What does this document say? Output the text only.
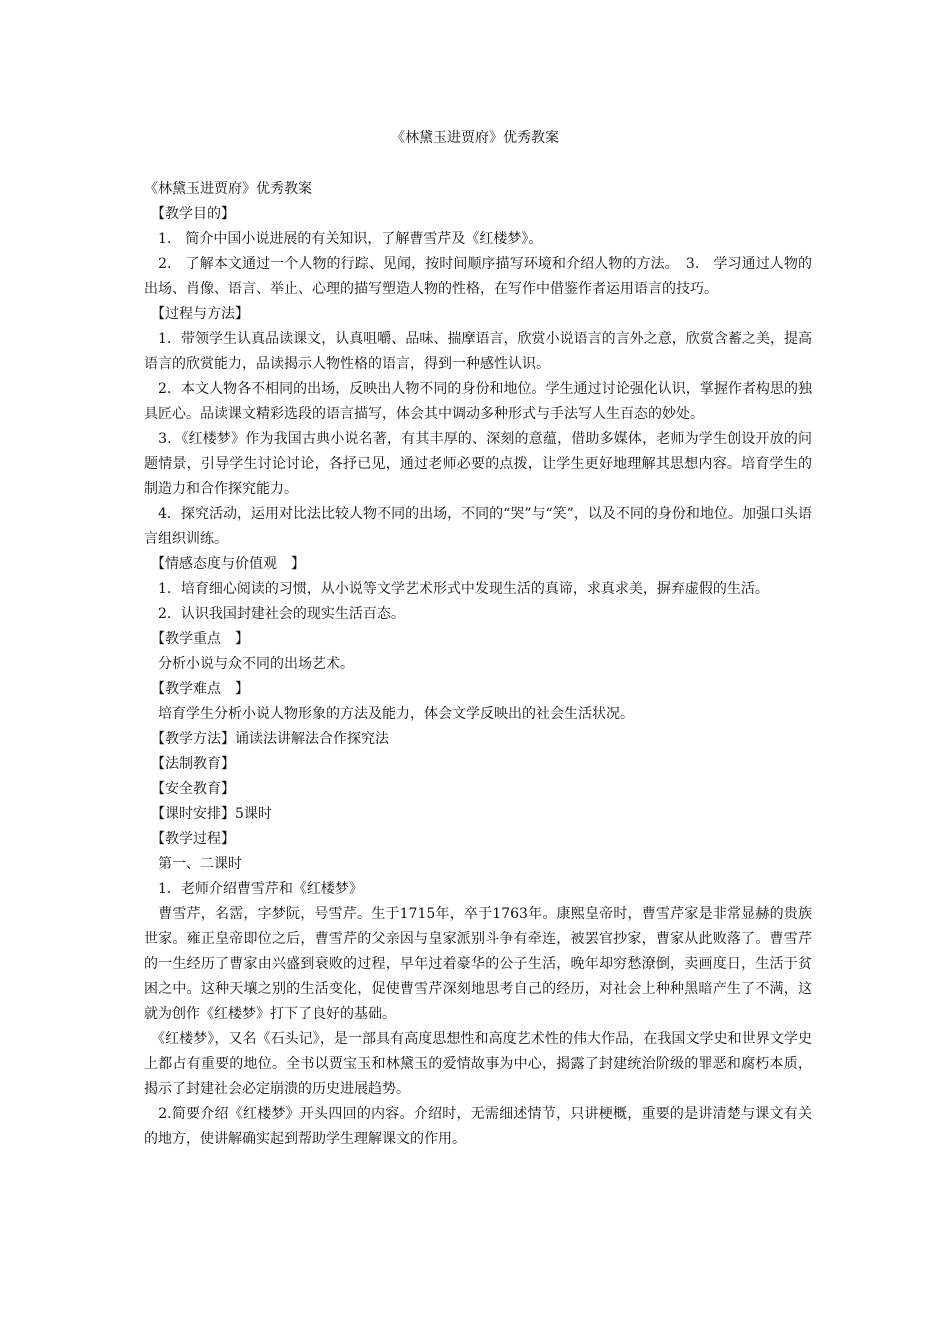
《林黛玉进贾府》优秀教案

《林黛玉进贾府》优秀教案

　【教学目的】

　1.　简介中国小说进展的有关知识，了解曹雪芹及《红楼梦》。

　2.　了解本文通过一个人物的行踪、见闻，按时间顺序描写环境和介绍人物的方法。　3.　学习通过人物的出场、肖像、语言、举止、心理的描写塑造人物的性格，在写作中借鉴作者运用语言的技巧。

　【过程与方法】

　1．带领学生认真品读课文，认真咀嚼、品味、揣摩语言，欣赏小说语言的言外之意，欣赏含蓄之美，提高语言的欣赏能力，品读揭示人物性格的语言，得到一种感性认识。

　2．本文人物各不相同的出场，反映出人物不同的身份和地位。学生通过讨论强化认识，掌握作者构思的独具匠心。品读课文精彩选段的语言描写，体会其中调动多种形式与手法写人生百态的妙处。

　3．《红楼梦》作为我国古典小说名著，有其丰厚的、深刻的意蕴，借助多媒体，老师为学生创设开放的问题情景，引导学生讨论讨论，各抒已见，通过老师必要的点拨，让学生更好地理解其思想内容。培育学生的制造力和合作探究能力。

　4．探究活动，运用对比法比较人物不同的出场，不同的“哭”与“笑”，以及不同的身份和地位。加强口头语言组织训练。

　【情感态度与价值观　】

　1．培育细心阅读的习惯，从小说等文学艺术形式中发现生活的真谛，求真求美，摒弃虚假的生活。

　2．认识我国封建社会的现实生活百态。

　【教学重点　】

　分析小说与众不同的出场艺术。

　【教学难点　】

　培育学生分析小说人物形象的方法及能力，体会文学反映出的社会生活状况。

　【教学方法】诵读法讲解法合作探究法

　【法制教育】

　【安全教育】

　【课时安排】5课时

　【教学过程】

　第一、二课时

　1．老师介绍曹雪芹和《红楼梦》

　曹雪芹，名霑，字梦阮，号雪芹。生于1715年，卒于1763年。康熙皇帝时，曹雪芹家是非常显赫的贵族世家。雍正皇帝即位之后，曹雪芹的父亲因与皇家派别斗争有牵连，被罢官抄家，曹家从此败落了。曹雪芹的一生经历了曹家由兴盛到衰败的过程，早年过着豪华的公子生活，晚年却穷愁潦倒，卖画度日，生活于贫困之中。这种天壤之别的生活变化，促使曹雪芹深刻地思考自己的经历，对社会上种种黑暗产生了不满，这就为创作《红楼梦》打下了良好的基础。

　《红楼梦》，又名《石头记》，是一部具有高度思想性和高度艺术性的伟大作品，在我国文学史和世界文学史上都占有重要的地位。全书以贾宝玉和林黛玉的爱情故事为中心，揭露了封建统治阶级的罪恶和腐朽本质，揭示了封建社会必定崩溃的历史进展趋势。

　2.简要介绍《红楼梦》开头四回的内容。介绍时，无需细述情节，只讲梗概，重要的是讲清楚与课文有关的地方，使讲解确实起到帮助学生理解课文的作用。
